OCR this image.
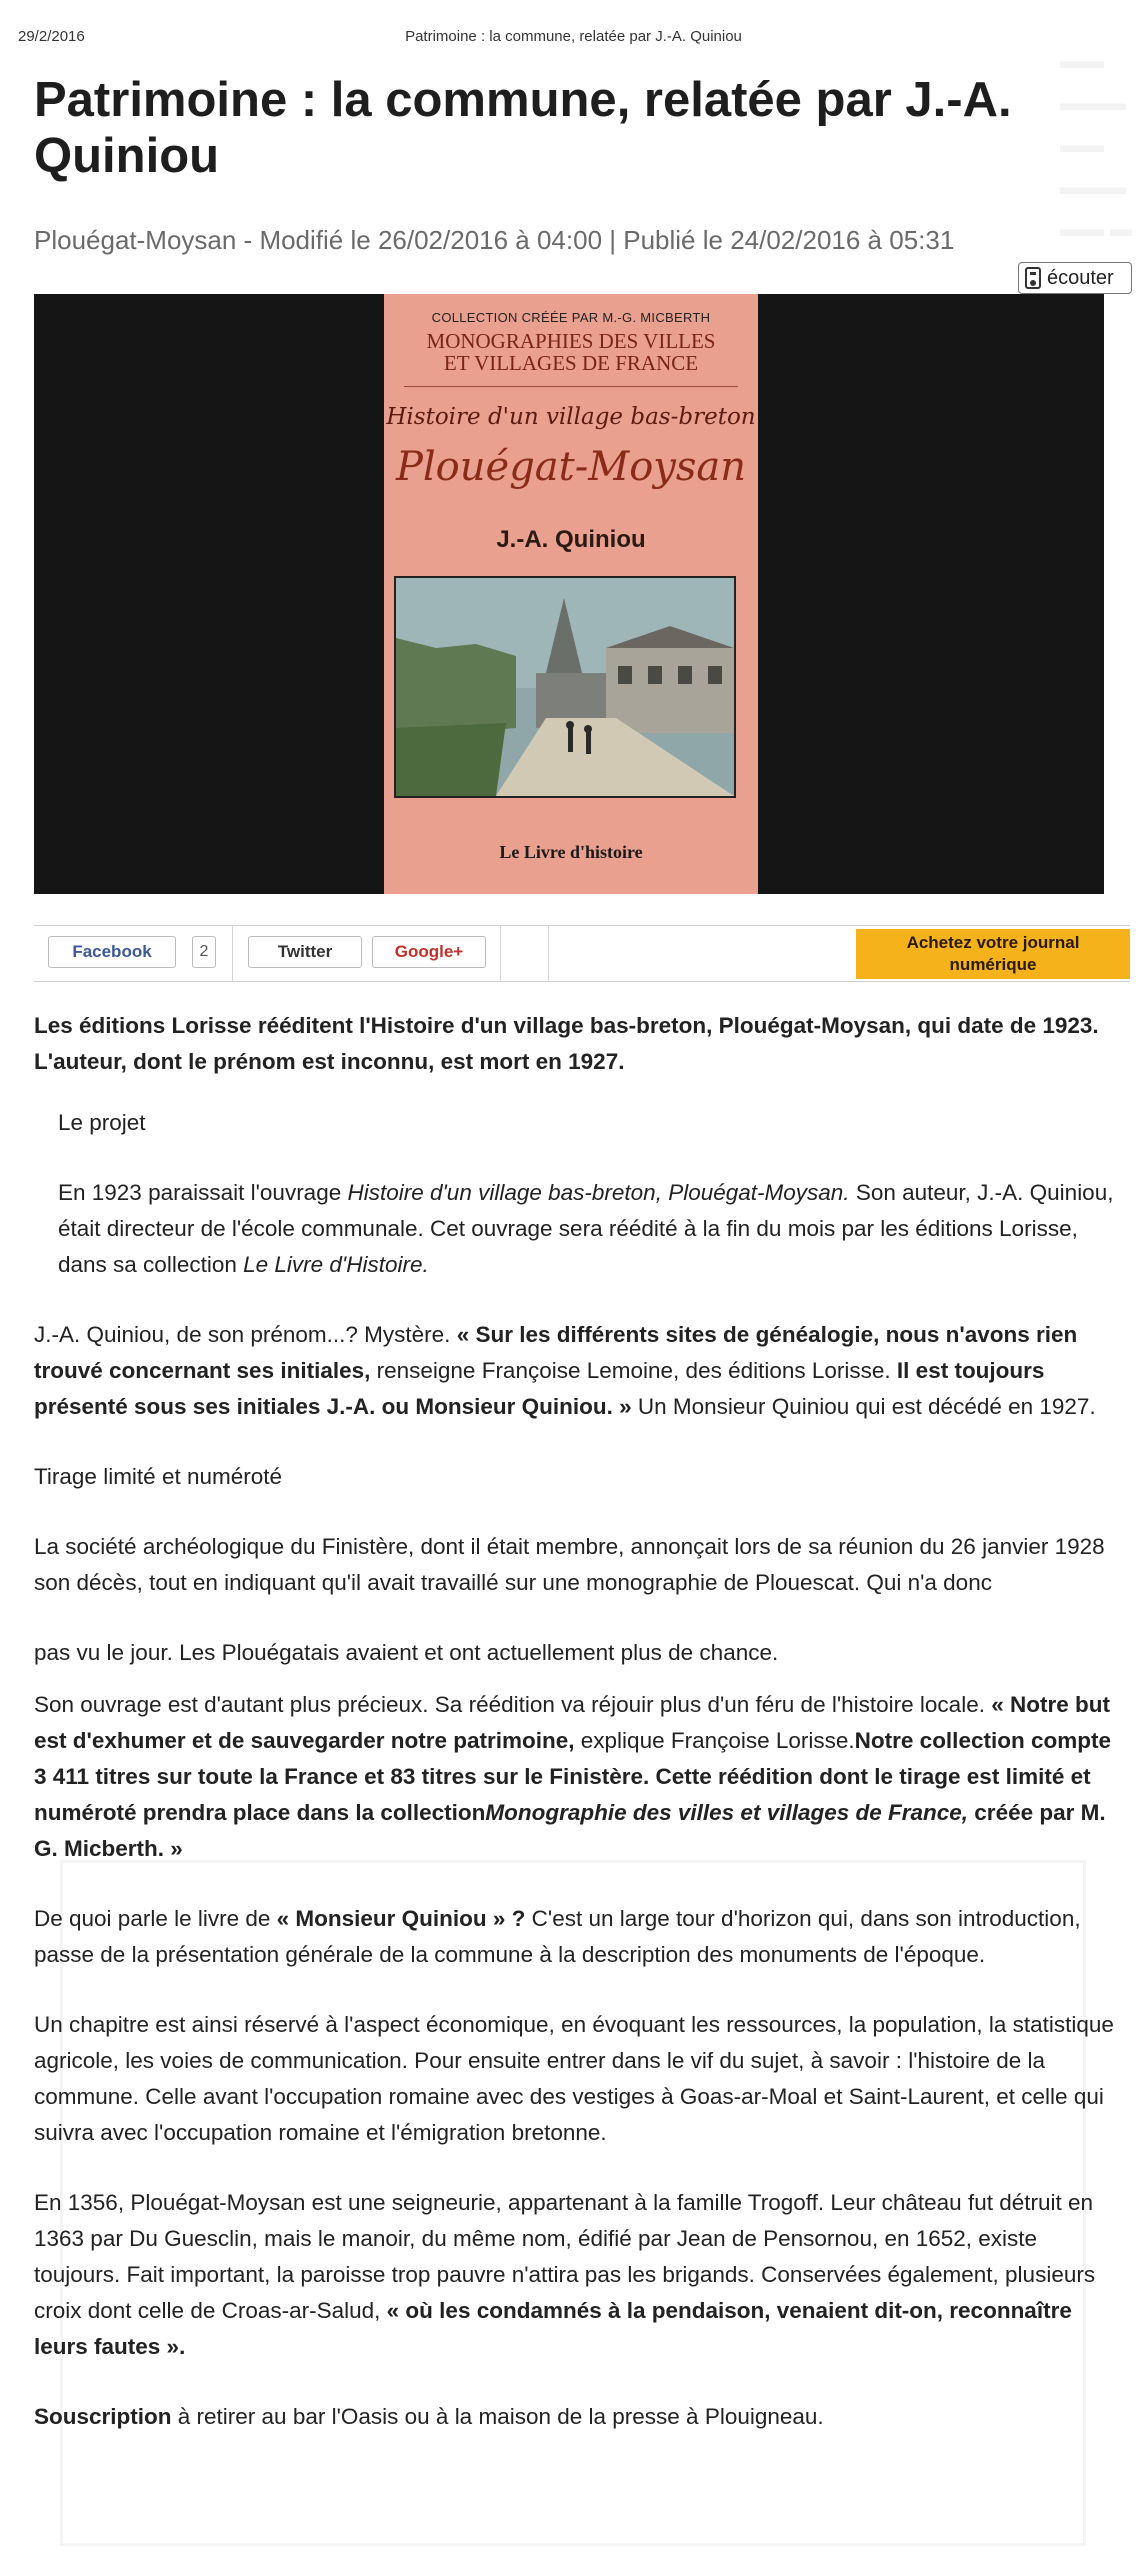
29/2/2016	Patrimoine : la commune, relatée par J.-A. Quiniou
Patrimoine : la commune, relatée par J.-A. Quiniou
Plouégat-Moysan - Modifié le 26/02/2016 à 04:00 | Publié le 24/02/2016 à 05:31
écouter
COLLECTION CRÉÉE PAR M.-G. MICBERTH
MONOGRAPHIES DES VILLES
ET VILLAGES DE FRANCE
Histoire d'un village bas-breton
Plouégat-Moysan
J.-A. Quiniou
Le Livre d'histoire
Facebook	2	Twitter	Google+	Achetez votre journal numérique

Les éditions Lorisse rééditent l'Histoire d'un village bas-breton, Plouégat-Moysan, qui date de 1923. L'auteur, dont le prénom est inconnu, est mort en 1927.

Le projet

En 1923 paraissait l'ouvrage Histoire d'un village bas-breton, Plouégat-Moysan. Son auteur, J.-A. Quiniou, était directeur de l'école communale. Cet ouvrage sera réédité à la fin du mois par les éditions Lorisse, dans sa collection Le Livre d'Histoire.

J.-A. Quiniou, de son prénom...? Mystère. « Sur les différents sites de généalogie, nous n'avons rien trouvé concernant ses initiales, renseigne Françoise Lemoine, des éditions Lorisse. Il est toujours présenté sous ses initiales J.-A. ou Monsieur Quiniou. » Un Monsieur Quiniou qui est décédé en 1927.

Tirage limité et numéroté

La société archéologique du Finistère, dont il était membre, annonçait lors de sa réunion du 26 janvier 1928 son décès, tout en indiquant qu'il avait travaillé sur une monographie de Plouescat. Qui n'a donc

pas vu le jour. Les Plouégatais avaient et ont actuellement plus de chance.

Son ouvrage est d'autant plus précieux. Sa réédition va réjouir plus d'un féru de l'histoire locale. « Notre but est d'exhumer et de sauvegarder notre patrimoine, explique Françoise Lorisse.Notre collection compte 3 411 titres sur toute la France et 83 titres sur le Finistère. Cette réédition dont le tirage est limité et numéroté prendra place dans la collectionMonographie des villes et villages de France, créée par M. G. Micberth. »

De quoi parle le livre de « Monsieur Quiniou » ? C'est un large tour d'horizon qui, dans son introduction, passe de la présentation générale de la commune à la description des monuments de l'époque.

Un chapitre est ainsi réservé à l'aspect économique, en évoquant les ressources, la population, la statistique agricole, les voies de communication. Pour ensuite entrer dans le vif du sujet, à savoir : l'histoire de la commune. Celle avant l'occupation romaine avec des vestiges à Goas-ar-Moal et Saint-Laurent, et celle qui suivra avec l'occupation romaine et l'émigration bretonne.

En 1356, Plouégat-Moysan est une seigneurie, appartenant à la famille Trogoff. Leur château fut détruit en 1363 par Du Guesclin, mais le manoir, du même nom, édifié par Jean de Pensornou, en 1652, existe toujours. Fait important, la paroisse trop pauvre n'attira pas les brigands. Conservées également, plusieurs croix dont celle de Croas-ar-Salud, « où les condamnés à la pendaison, venaient dit-on, reconnaître leurs fautes ».

Souscription à retirer au bar l'Oasis ou à la maison de la presse à Plouigneau.
